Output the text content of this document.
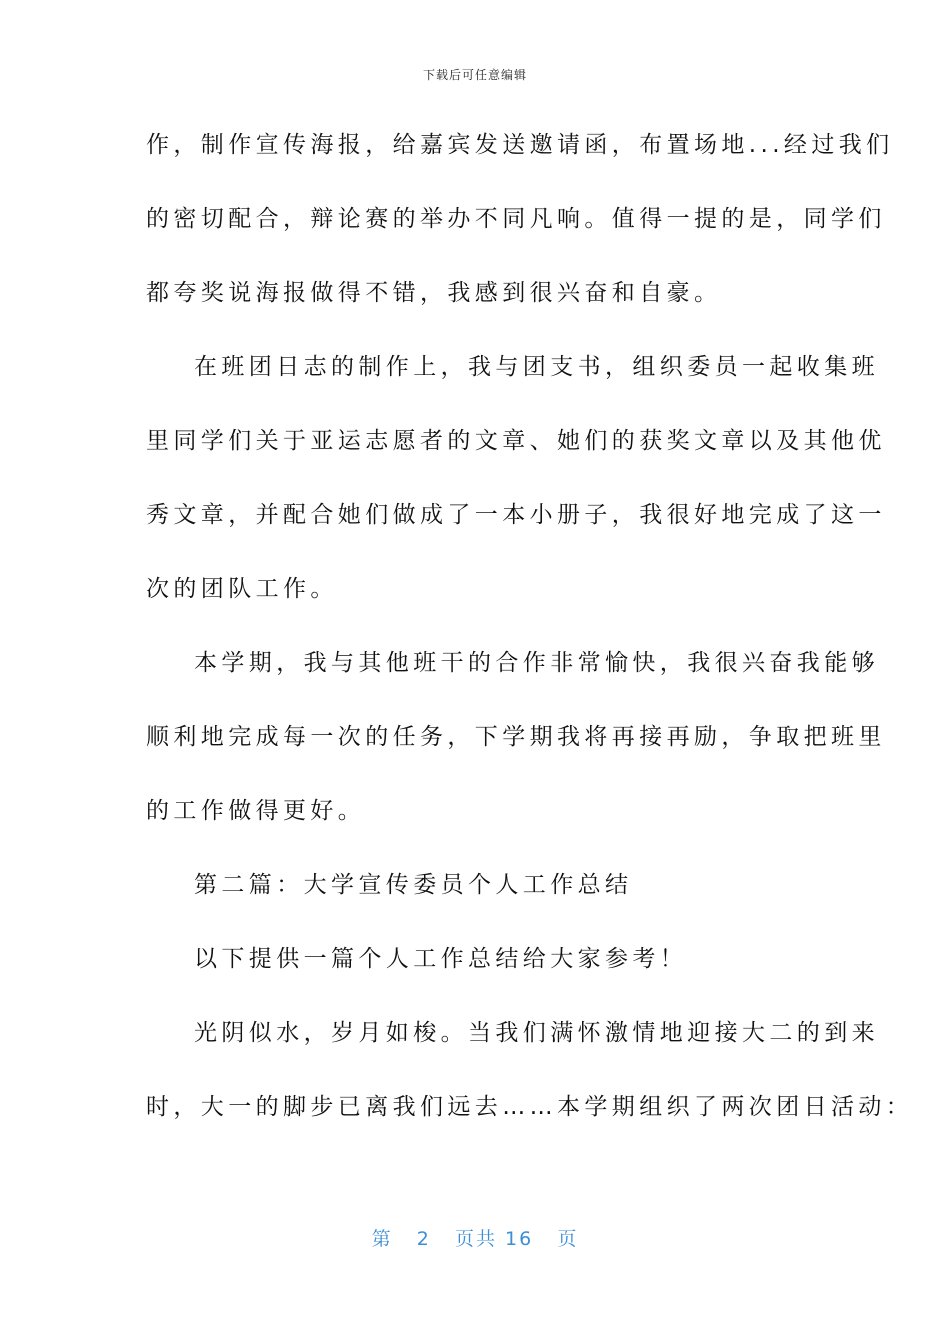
下载后可任意编辑
作，制作宣传海报，给嘉宾发送邀请函，布置场地...经过我们
的密切配合，辩论赛的举办不同凡响。值得一提的是，同学们
都夸奖说海报做得不错，我感到很兴奋和自豪。
在班团日志的制作上，我与团支书，组织委员一起收集班
里同学们关于亚运志愿者的文章、她们的获奖文章以及其他优
秀文章，并配合她们做成了一本小册子，我很好地完成了这一
次的团队工作。
本学期，我与其他班干的合作非常愉快，我很兴奋我能够
顺利地完成每一次的任务，下学期我将再接再励，争取把班里
的工作做得更好。
第二篇：大学宣传委员个人工作总结
以下提供一篇个人工作总结给大家参考！
光阴似水，岁月如梭。当我们满怀激情地迎接大二的到来
时，大一的脚步已离我们远去……本学期组织了两次团日活动：
第 2 页共 16 页
